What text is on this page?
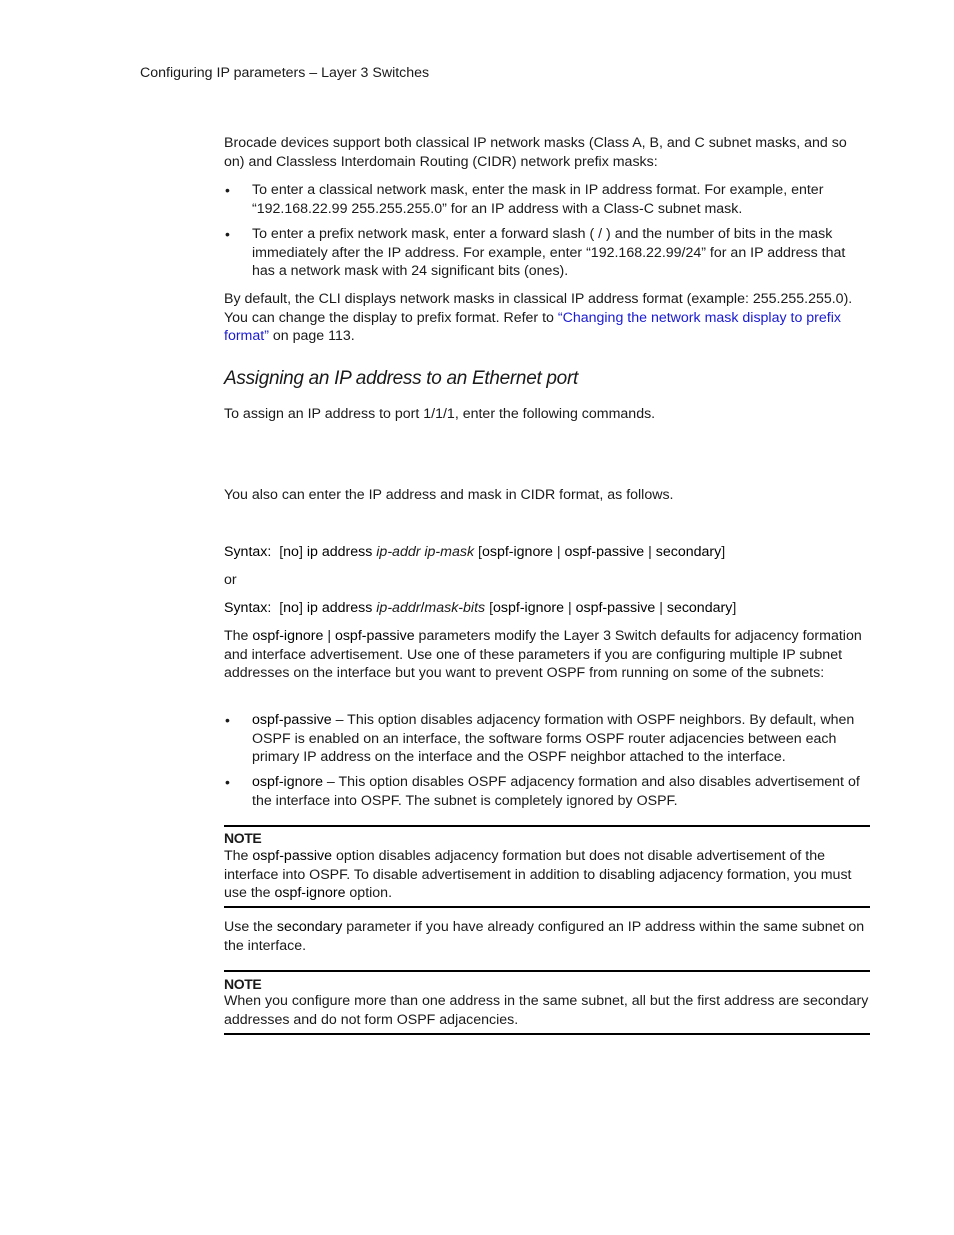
Configuring IP parameters – Layer 3 Switches
Brocade devices support both classical IP network masks (Class A, B, and C subnet masks, and so on) and Classless Interdomain Routing (CIDR) network prefix masks:
• To enter a classical network mask, enter the mask in IP address format. For example, enter “192.168.22.99 255.255.255.0” for an IP address with a Class-C subnet mask.
• To enter a prefix network mask, enter a forward slash ( / ) and the number of bits in the mask immediately after the IP address. For example, enter “192.168.22.99/24” for an IP address that has a network mask with 24 significant bits (ones).
By default, the CLI displays network masks in classical IP address format (example: 255.255.255.0). You can change the display to prefix format. Refer to “Changing the network mask display to prefix format” on page 113.
Assigning an IP address to an Ethernet port
To assign an IP address to port 1/1/1, enter the following commands.
You also can enter the IP address and mask in CIDR format, as follows.
Syntax: [no] ip address ip-addr ip-mask [ospf-ignore | ospf-passive | secondary]
or
Syntax: [no] ip address ip-addr/mask-bits [ospf-ignore | ospf-passive | secondary]
The ospf-ignore | ospf-passive parameters modify the Layer 3 Switch defaults for adjacency formation and interface advertisement. Use one of these parameters if you are configuring multiple IP subnet addresses on the interface but you want to prevent OSPF from running on some of the subnets:
• ospf-passive – This option disables adjacency formation with OSPF neighbors. By default, when OSPF is enabled on an interface, the software forms OSPF router adjacencies between each primary IP address on the interface and the OSPF neighbor attached to the interface.
• ospf-ignore – This option disables OSPF adjacency formation and also disables advertisement of the interface into OSPF. The subnet is completely ignored by OSPF.
NOTE
The ospf-passive option disables adjacency formation but does not disable advertisement of the interface into OSPF. To disable advertisement in addition to disabling adjacency formation, you must use the ospf-ignore option.
Use the secondary parameter if you have already configured an IP address within the same subnet on the interface.
NOTE
When you configure more than one address in the same subnet, all but the first address are secondary addresses and do not form OSPF adjacencies.
